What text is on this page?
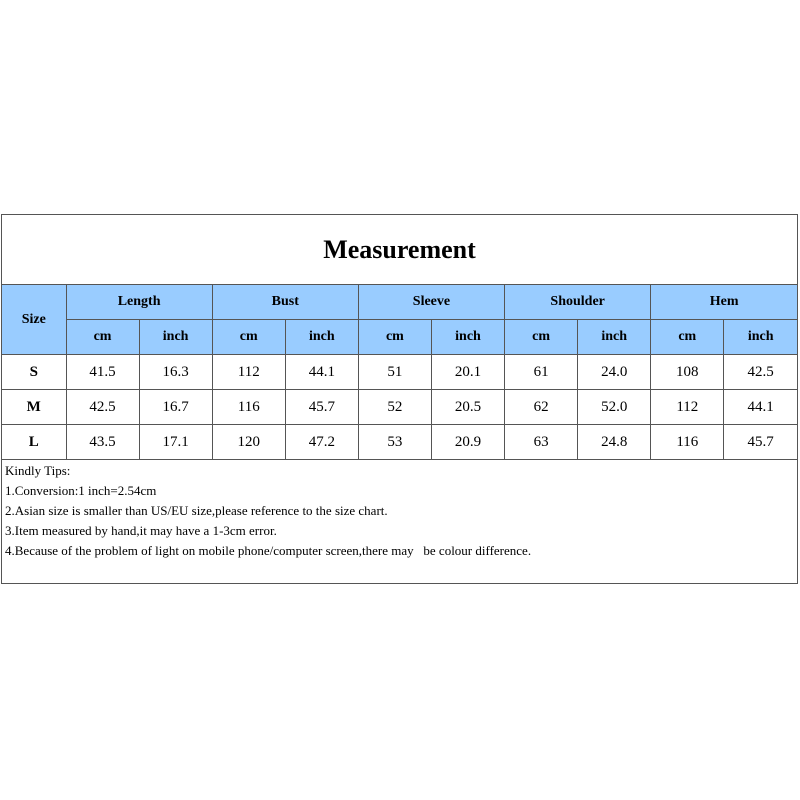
Measurement
Size	Length		Bust		Sleeve		Shoulder		Hem	
	cm	inch	cm	inch	cm	inch	cm	inch	cm	inch
S	41.5	16.3	112	44.1	51	20.1	61	24.0	108	42.5
M	42.5	16.7	116	45.7	52	20.5	62	52.0	112	44.1
L	43.5	17.1	120	47.2	53	20.9	63	24.8	116	45.7
Kindly Tips:
1.Conversion:1 inch=2.54cm
2.Asian size is smaller than US/EU size,please reference to the size chart.
3.Item measured by hand,it may have a 1-3cm error.
4.Because of the problem of light on mobile phone/computer screen,there may   be colour difference.
